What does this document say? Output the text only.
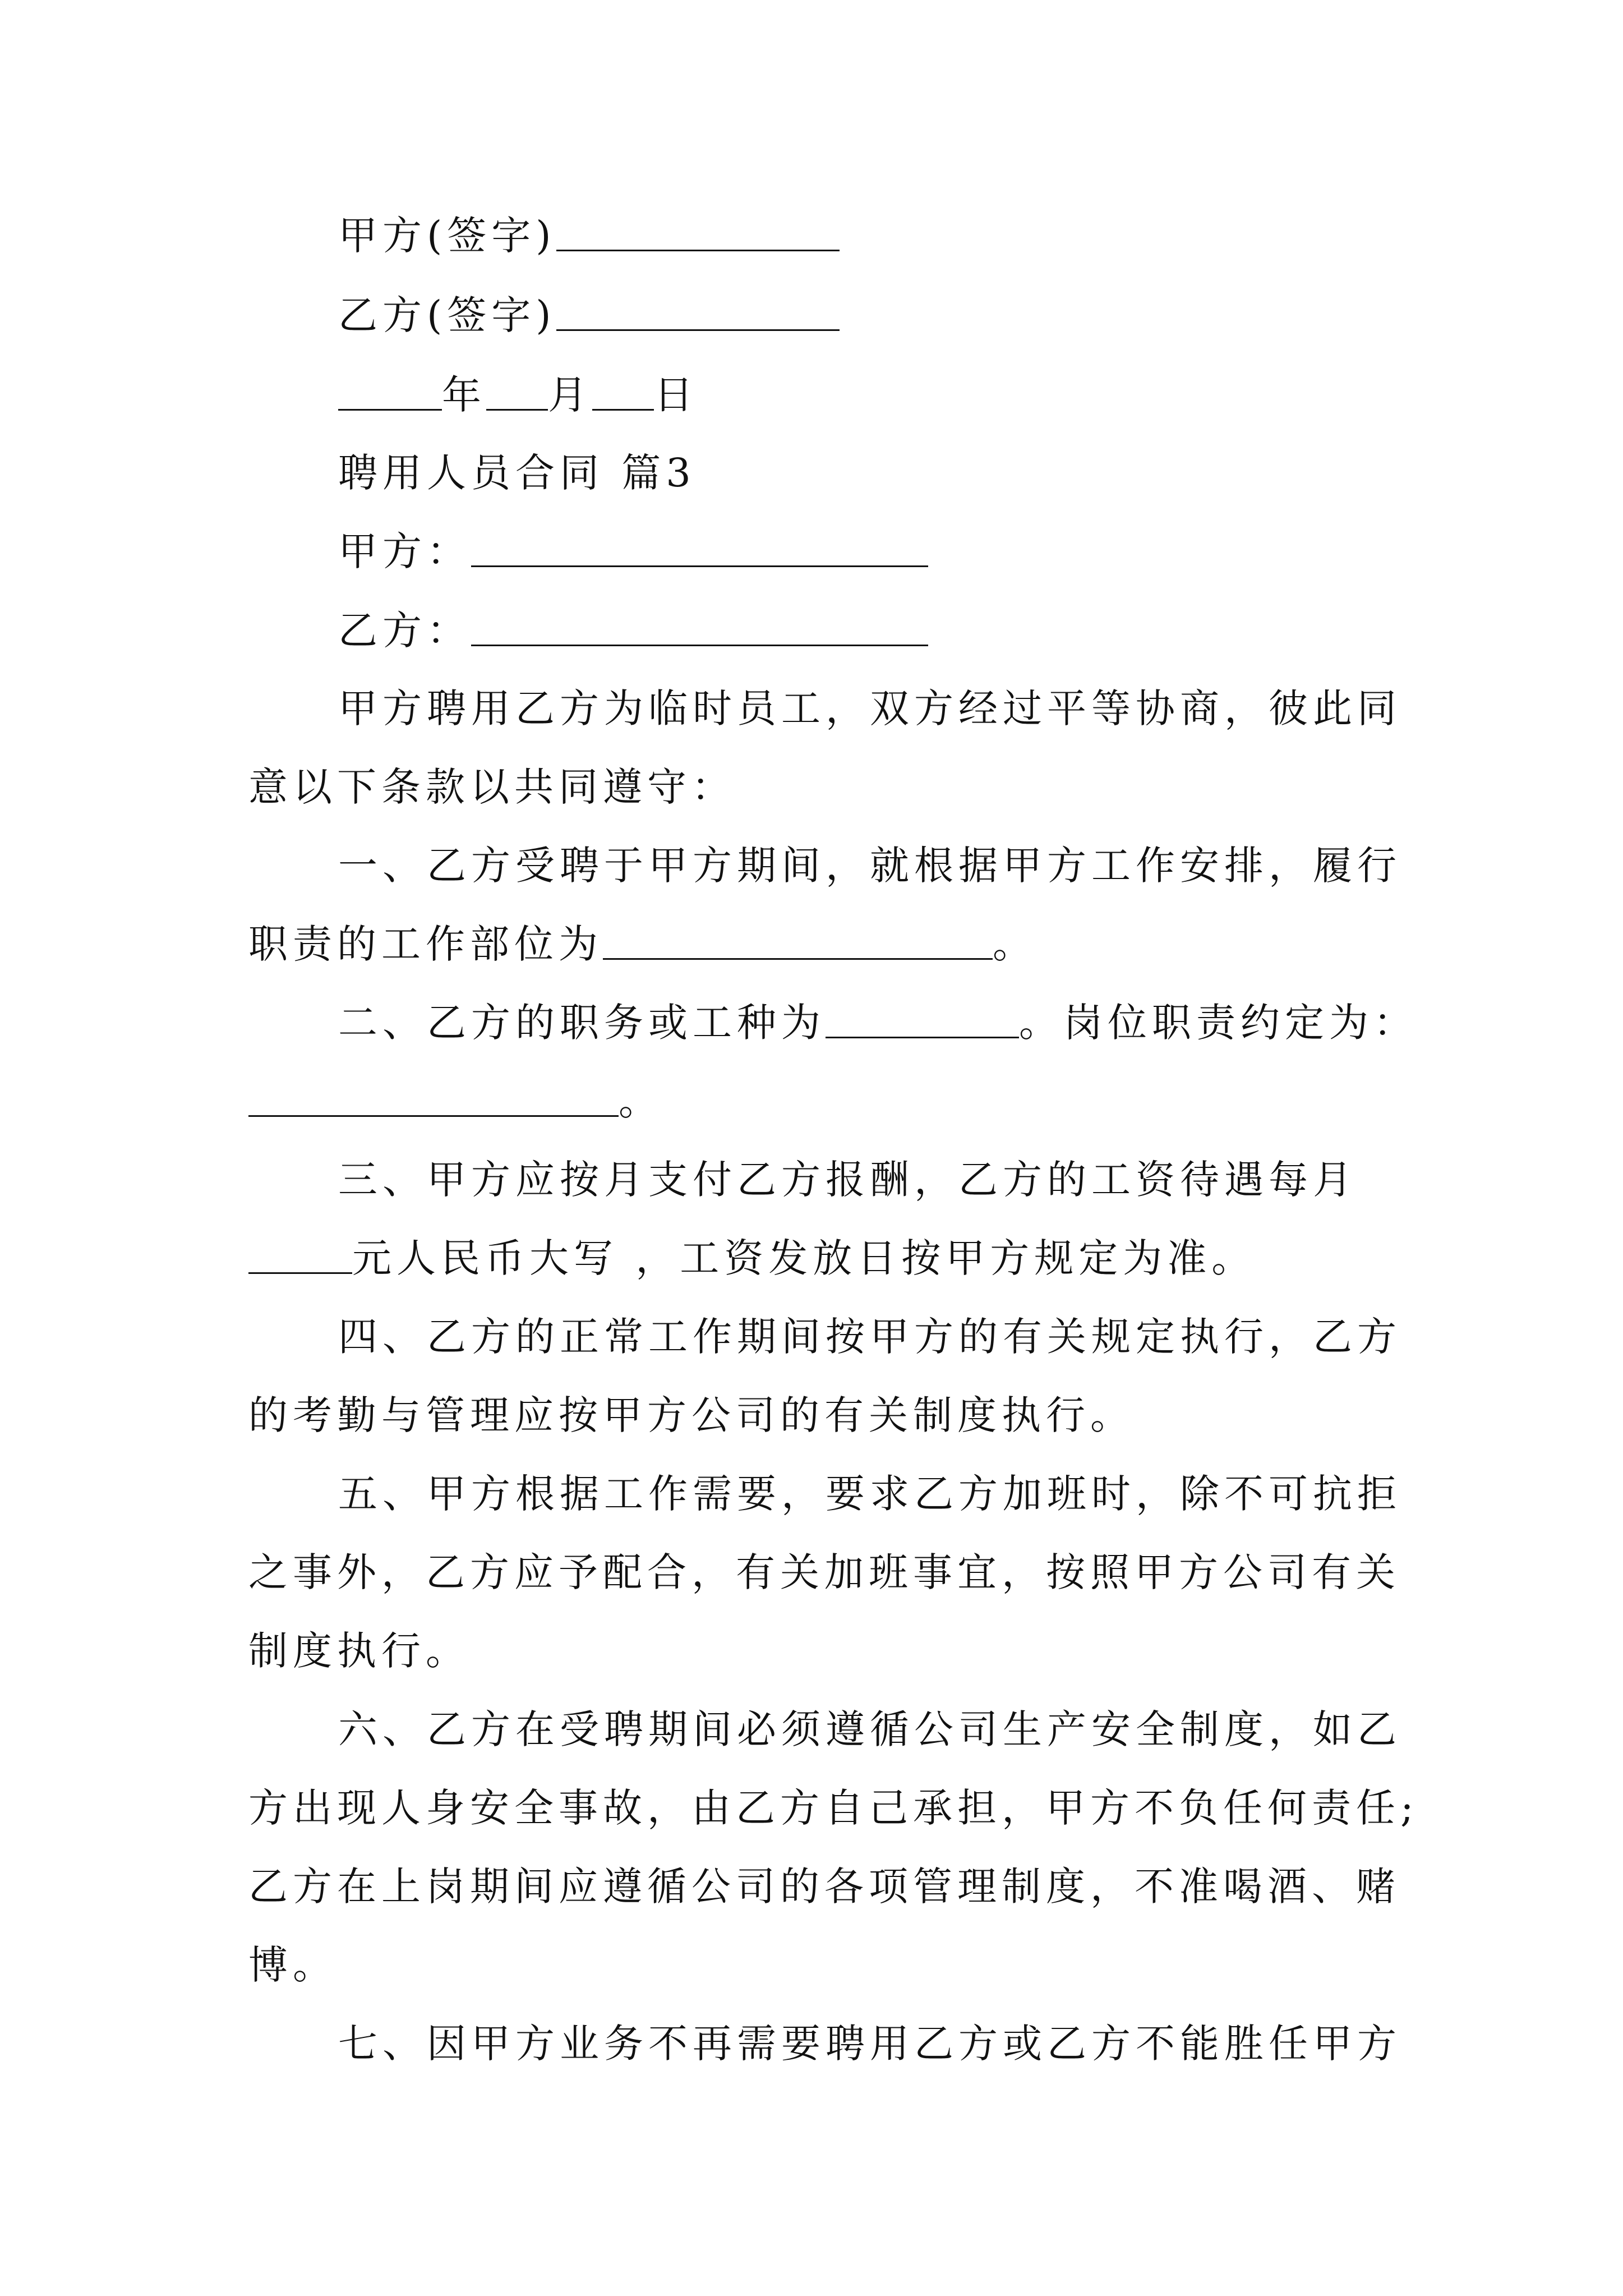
甲方(签字)
乙方(签字)
年 月 日
聘用人员合同 篇3
甲方：
乙方：
甲方聘用乙方为临时员工，双方经过平等协商，彼此同
意以下条款以共同遵守：
一、乙方受聘于甲方期间，就根据甲方工作安排，履行
职责的工作部位为	。
二、乙方的职务或工种为	。岗位职责约定为：
。
三、甲方应按月支付乙方报酬，乙方的工资待遇每月
元人民币大写 ，工资发放日按甲方规定为准。
四、乙方的正常工作期间按甲方的有关规定执行，乙方
的考勤与管理应按甲方公司的有关制度执行。
五、甲方根据工作需要，要求乙方加班时，除不可抗拒
之事外，乙方应予配合，有关加班事宜，按照甲方公司有关
制度执行。
六、乙方在受聘期间必须遵循公司生产安全制度，如乙
方出现人身安全事故，由乙方自己承担，甲方不负任何责任;
乙方在上岗期间应遵循公司的各项管理制度，不准喝酒、赌
博。
七、因甲方业务不再需要聘用乙方或乙方不能胜任甲方
